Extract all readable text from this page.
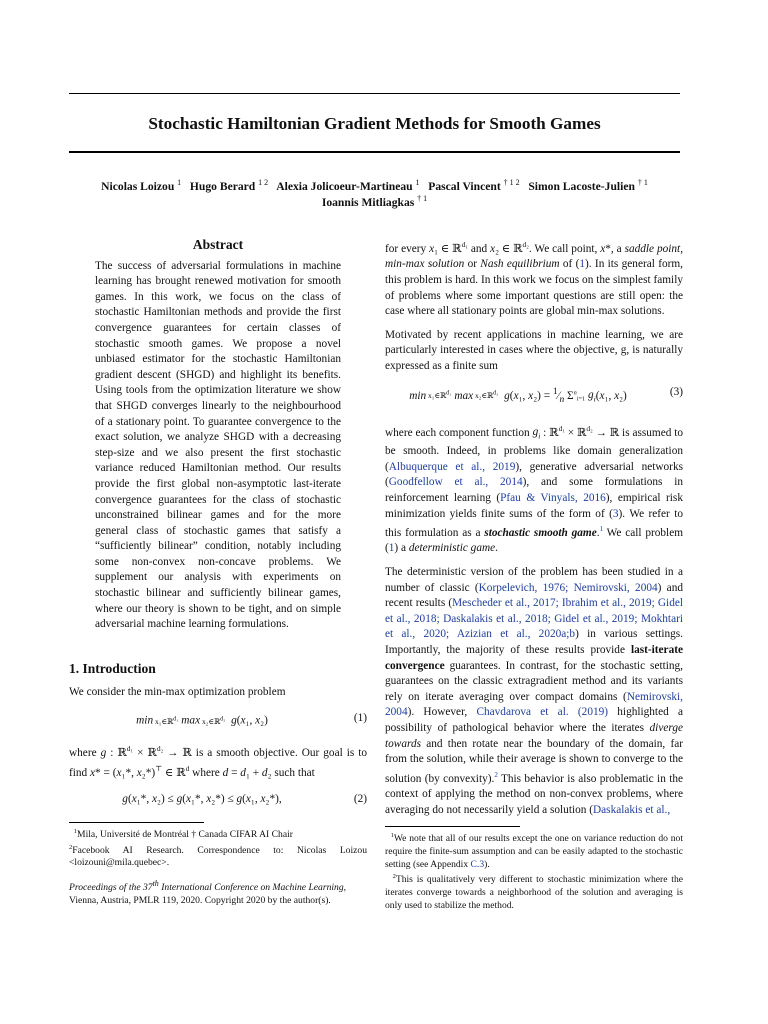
Stochastic Hamiltonian Gradient Methods for Smooth Games
Nicolas Loizou $^1$ Hugo Berard $^{1 2}$ Alexia Jolicoeur-Martineau $^1$ Pascal Vincent $^{\dagger 1 2}$ Simon Lacoste-Julien $^{\dagger 1}$
Ioannis Mitliagkas $^{\dagger 1}$
Abstract

The success of adversarial formulations in machine learning has brought renewed motivation for smooth games. In this work, we focus on the class of stochastic Hamiltonian methods and provide the first convergence guarantees for certain classes of stochastic smooth games. We propose a novel unbiased estimator for the stochastic Hamiltonian gradient descent (SHGD) and highlight its benefits. Using tools from the optimization literature we show that SHGD converges linearly to the neighbourhood of a stationary point. To guarantee convergence to the exact solution, we analyze SHGD with a decreasing step-size and we also present the first stochastic variance reduced Hamiltonian method. Our results provide the first global non-asymptotic last-iterate convergence guarantees for the class of stochastic unconstrained bilinear games and for the more general class of stochastic games that satisfy a “sufficiently bilinear” condition, notably including some non-convex non-concave problems. We supplement our analysis with experiments on stochastic bilinear and sufficiently bilinear games, where our theory is shown to be tight, and on simple adversarial machine learning formulations.

1. Introduction

We consider the min-max optimization problem

min x₁∈ℝ$^{d_1}$ max x₂∈ℝ$^{d_2}$ g(x₁, x₂)	(1)

where g : ℝ$^{d_1}$ × ℝ$^{d_2}$ → ℝ is a smooth objective. Our goal is to find x* = (x₁*, x₂*)⊤ ∈ ℝ$^d$ where d = d₁ + d₂ such that

g(x₁*, x₂) ≤ g(x₁*, x₂*) ≤ g(x₁, x₂*),	(2)

$^1$Mila, Université de Montréal † Canada CIFAR AI Chair

$^2$Facebook AI Research. Correspondence to: Nicolas Loizou <loizouni@mila.quebec>.

Proceedings of the 37th International Conference on Machine Learning, Vienna, Austria, PMLR 119, 2020. Copyright 2020 by the author(s).

for every x₁ ∈ ℝ$^{d_1}$ and x₂ ∈ ℝ$^{d_2}$. We call point, x*, a saddle point, min-max solution or Nash equilibrium of (1). In its general form, this problem is hard. In this work we focus on the simplest family of problems where some important questions are still open: the case where all stationary points are global min-max solutions.

Motivated by recent applications in machine learning, we are particularly interested in cases where the objective, g, is naturally expressed as a finite sum

min x₁∈ℝ$^{d_1}$ max x₂∈ℝ$^{d_2}$ g(x₁, $x_2) = ^1⁄_n$ $\Sigma^n_{i=1}$ $g_i(x_1$, x₂)	(3)

where each component function $g_i$ : ℝ$^{d_1}$ × ℝ$^{d_2}$ → ℝ is assumed to be smooth. Indeed, in problems like domain generalization (Albuquerque et al., 2019), generative adversarial networks (Goodfellow et al., 2014), and some formulations in reinforcement learning (Pfau & Vinyals, 2016), empirical risk minimization yields finite sums of the form of (3). We refer to this formulation as a stochastic smooth game.$^1$ We call problem (1) a deterministic game.

The deterministic version of the problem has been studied in a number of classic (Korpelevich, 1976; Nemirovski, 2004) and recent results (Mescheder et al., 2017; Ibrahim et al., 2019; Gidel et al., 2018; Daskalakis et al., 2018; Gidel et al., 2019; Mokhtari et al., 2020; Azizian et al., 2020a;b) in various settings. Importantly, the majority of these results provide last-iterate convergence guarantees. In contrast, for the stochastic setting, guarantees on the classic extragradient method and its variants rely on iterate averaging over compact domains (Nemirovski, 2004). However, Chavdarova et al. (2019) highlighted a possibility of pathological behavior where the iterates diverge towards and then rotate near the boundary of the domain, far from the solution, while their average is shown to converge to the solution (by convexity).$^2$ This behavior is also problematic in the context of applying the method on non-convex problems, where averaging do not necessarily yield a solution (Daskalakis et al.,

$^1$We note that all of our results except the one on variance reduction do not require the finite-sum assumption and can be easily adapted to the stochastic setting (see Appendix C.3).

$^2$This is qualitatively very different to stochastic minimization where the iterates converge towards a neighborhood of the solution and averaging is only used to stabilize the method.
